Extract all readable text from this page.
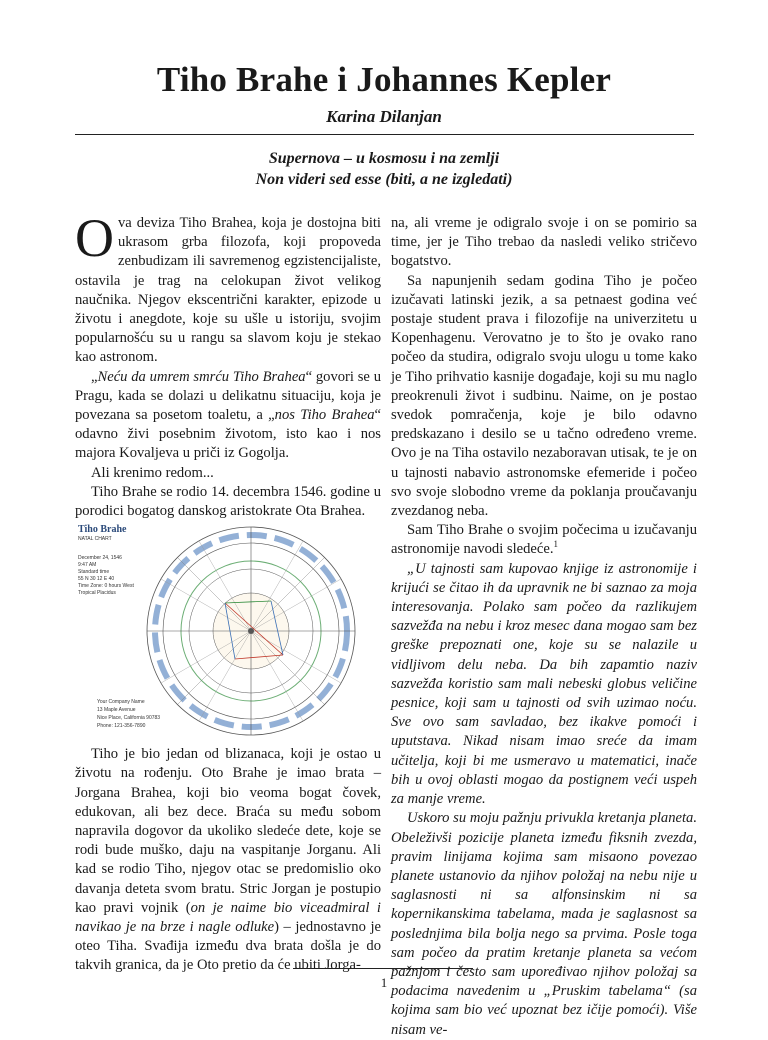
Tiho Brahe i Johannes Kepler
Karina Dilanjan
Supernova – u kosmosu i na zemlji
Non videri sed esse (biti, a ne izgledati)

Ova deviza Tiho Brahea, koja je dostojna biti ukrasom grba filozofa, koji propoveda zenbudizam ili savremenog egzistencijaliste, ostavila je trag na celokupan život velikog naučnika. Njegov ekscentrični karakter, epizode u životu i anegdote, koje su ušle u istoriju, svojim popularnošću su u rangu sa slavom koju je stekao kao astronom.

„Neću da umrem smrću Tiho Brahea“ govori se u Pragu, kada se dolazi u delikatnu situaciju, koja je povezana sa posetom toaletu, a „nos Tiho Brahea“ odavno živi posebnim životom, isto kao i nos majora Kovaljeva u priči iz Gogolja.

Ali krenimo redom...

Tiho Brahe se rodio 14. decembra 1546. godine u porodici bogatog danskog aristokrate Ota Brahea.

Tiho Brahe
NATAL CHART
December 24, 1546
9:47 AM
Standard time
55 N 30 12 E 40
Time Zone: 0 hours West
Tropical Placidus
Your Company Name
13 Maple Avenue
Nice Place, California 90783
Phone: 121-356-7890

Tiho je bio jedan od blizanaca, koji je ostao u životu na rođenju. Oto Brahe je imao brata – Jorgana Brahea, koji bio veoma bogat čovek, edukovan, ali bez dece. Braća su među sobom napravila dogovor da ukoliko sledeće dete, koje se rodi bude muško, daju na vaspitanje Jorganu. Ali kad se rodio Tiho, njegov otac se predomislio oko davanja deteta svom bratu. Stric Jorgan je postupio kao pravi vojnik (on je naime bio viceadmiral i navikao je na brze i nagle odluke) – jednostavno je oteo Tiha. Svađija između dva brata došla je do takvih granica, da je Oto pretio da će ubiti Jorga-

na, ali vreme je odigralo svoje i on se pomirio sa time, jer je Tiho trebao da nasledi veliko stričevo bogatstvo.

Sa napunjenih sedam godina Tiho je počeo izučavati latinski jezik, a sa petnaest godina već postaje student prava i filozofije na univerzitetu u Kopenhagenu. Verovatno je to što je ovako rano počeo da studira, odigralo svoju ulogu u tome kako je Tiho prihvatio kasnije događaje, koji su mu naglo preokrenuli život i sudbinu. Naime, on je postao svedok pomračenja, koje je bilo odavno predskazano i desilo se u tačno određeno vreme. Ovo je na Tiha ostavilo nezaboravan utisak, te je on u tajnosti nabavio astronomske efemeride i počeo svo svoje slobodno vreme da poklanja proučavanju zvezdanog neba.

Sam Tiho Brahe o svojim počecima u izučavanju astronomije navodi sledeće.$^1$

„U tajnosti sam kupovao knjige iz astronomije i krijući se čitao ih da upravnik ne bi saznao za moja interesovanja. Polako sam počeo da razlikujem sazvežđa na nebu i kroz mesec dana mogao sam bez greške prepoznati one, koje su se nalazile u vidljivom delu neba. Da bih zapamtio naziv sazvežđa koristio sam mali nebeski globus veličine pesnice, koji sam u tajnosti od svih uzimao noću. Sve ovo sam savladao, bez ikakve pomoći i uputstava. Nikad nisam imao sreće da imam učitelja, koji bi me usmeravo u matematici, inače bih u ovoj oblasti mogao da postignem veći uspeh za manje vreme.

Uskoro su moju pažnju privukla kretanja planeta. Obeleživši pozicije planeta između fiksnih zvezda, pravim linijama kojima sam misaono povezao planete ustanovio da njihov položaj na nebu nije u saglasnosti ni sa alfonsinskim ni sa kopernikanskima tabelama, mada je saglasnost sa poslednjima bila bolja nego sa prvima. Posle toga sam počeo da pratim kretanje planeta sa većom pažnjom i često sam upoređivao njihov položaj sa podacima navedenim u „Pruskim tabelama“ (sa kojima sam bio već upoznat bez ičije pomoći). Više nisam ve-

1
